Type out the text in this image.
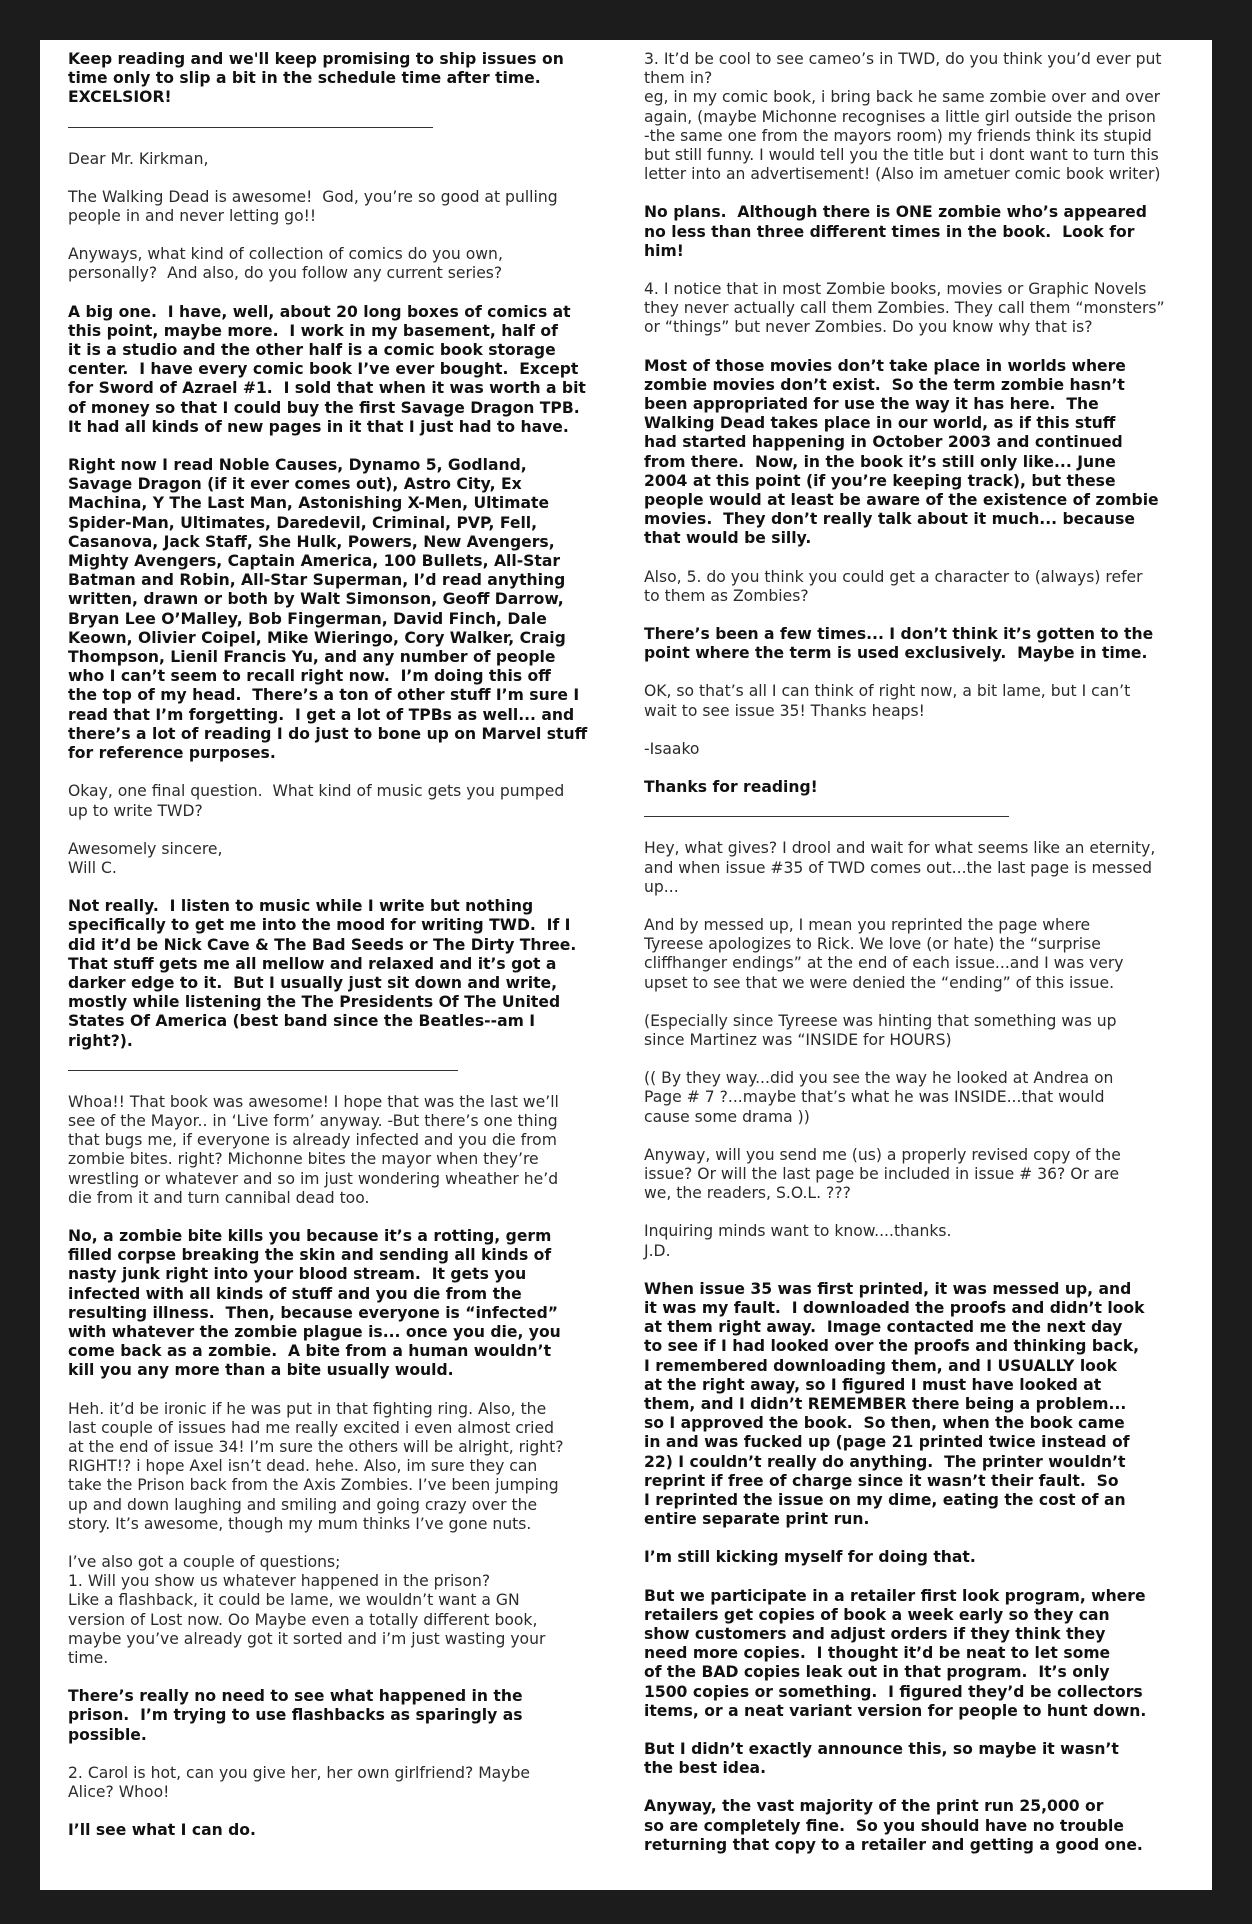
Keep reading and we'll keep promising to ship issues on
time only to slip a bit in the schedule time after time.
EXCELSIOR!

Dear Mr. Kirkman,

The Walking Dead is awesome!  God, you’re so good at pulling
people in and never letting go!!

Anyways, what kind of collection of comics do you own,
personally?  And also, do you follow any current series?

A big one.  I have, well, about 20 long boxes of comics at
this point, maybe more.  I work in my basement, half of
it is a studio and the other half is a comic book storage
center.  I have every comic book I’ve ever bought.  Except
for Sword of Azrael #1.  I sold that when it was worth a bit
of money so that I could buy the first Savage Dragon TPB.
It had all kinds of new pages in it that I just had to have.

Right now I read Noble Causes, Dynamo 5, Godland,
Savage Dragon (if it ever comes out), Astro City, Ex
Machina, Y The Last Man, Astonishing X-Men, Ultimate
Spider-Man, Ultimates, Daredevil, Criminal, PVP, Fell,
Casanova, Jack Staff, She Hulk, Powers, New Avengers,
Mighty Avengers, Captain America, 100 Bullets, All-Star
Batman and Robin, All-Star Superman, I’d read anything
written, drawn or both by Walt Simonson, Geoff Darrow,
Bryan Lee O’Malley, Bob Fingerman, David Finch, Dale
Keown, Olivier Coipel, Mike Wieringo, Cory Walker, Craig
Thompson, Lienil Francis Yu, and any number of people
who I can’t seem to recall right now.  I’m doing this off
the top of my head.  There’s a ton of other stuff I’m sure I
read that I’m forgetting.  I get a lot of TPBs as well... and
there’s a lot of reading I do just to bone up on Marvel stuff
for reference purposes.

Okay, one final question.  What kind of music gets you pumped
up to write TWD?

Awesomely sincere,
Will C.

Not really.  I listen to music while I write but nothing
specifically to get me into the mood for writing TWD.  If I
did it’d be Nick Cave & The Bad Seeds or The Dirty Three.
That stuff gets me all mellow and relaxed and it’s got a
darker edge to it.  But I usually just sit down and write,
mostly while listening the The Presidents Of The United
States Of America (best band since the Beatles--am I
right?).

Whoa!! That book was awesome! I hope that was the last we’ll
see of the Mayor.. in ‘Live form’ anyway. -But there’s one thing
that bugs me, if everyone is already infected and you die from
zombie bites. right? Michonne bites the mayor when they’re
wrestling or whatever and so im just wondering wheather he’d
die from it and turn cannibal dead too.

No, a zombie bite kills you because it’s a rotting, germ
filled corpse breaking the skin and sending all kinds of
nasty junk right into your blood stream.  It gets you
infected with all kinds of stuff and you die from the
resulting illness.  Then, because everyone is “infected”
with whatever the zombie plague is... once you die, you
come back as a zombie.  A bite from a human wouldn’t
kill you any more than a bite usually would.

Heh. it’d be ironic if he was put in that fighting ring. Also, the
last couple of issues had me really excited i even almost cried
at the end of issue 34! I’m sure the others will be alright, right?
RIGHT!? i hope Axel isn’t dead. hehe. Also, im sure they can
take the Prison back from the Axis Zombies. I’ve been jumping
up and down laughing and smiling and going crazy over the
story. It’s awesome, though my mum thinks I’ve gone nuts.

I’ve also got a couple of questions;
1. Will you show us whatever happened in the prison?
Like a flashback, it could be lame, we wouldn’t want a GN
version of Lost now. Oo Maybe even a totally different book,
maybe you’ve already got it sorted and i’m just wasting your
time.

There’s really no need to see what happened in the
prison.  I’m trying to use flashbacks as sparingly as
possible.

2. Carol is hot, can you give her, her own girlfriend? Maybe
Alice? Whoo!

I’ll see what I can do.

3. It’d be cool to see cameo’s in TWD, do you think you’d ever put
them in?
eg, in my comic book, i bring back he same zombie over and over
again, (maybe Michonne recognises a little girl outside the prison
-the same one from the mayors room) my friends think its stupid
but still funny. I would tell you the title but i dont want to turn this
letter into an advertisement! (Also im ametuer comic book writer)

No plans.  Although there is ONE zombie who’s appeared
no less than three different times in the book.  Look for
him!

4. I notice that in most Zombie books, movies or Graphic Novels
they never actually call them Zombies. They call them “monsters”
or “things” but never Zombies. Do you know why that is?

Most of those movies don’t take place in worlds where
zombie movies don’t exist.  So the term zombie hasn’t
been appropriated for use the way it has here.  The
Walking Dead takes place in our world, as if this stuff
had started happening in October 2003 and continued
from there.  Now, in the book it’s still only like... June
2004 at this point (if you’re keeping track), but these
people would at least be aware of the existence of zombie
movies.  They don’t really talk about it much... because
that would be silly.

Also, 5. do you think you could get a character to (always) refer
to them as Zombies?

There’s been a few times... I don’t think it’s gotten to the
point where the term is used exclusively.  Maybe in time.

OK, so that’s all I can think of right now, a bit lame, but I can’t
wait to see issue 35! Thanks heaps!

-Isaako

Thanks for reading!

Hey, what gives? I drool and wait for what seems like an eternity,
and when issue #35 of TWD comes out...the last page is messed
up...

And by messed up, I mean you reprinted the page where
Tyreese apologizes to Rick. We love (or hate) the “surprise
cliffhanger endings” at the end of each issue...and I was very
upset to see that we were denied the “ending” of this issue.

(Especially since Tyreese was hinting that something was up
since Martinez was “INSIDE for HOURS)

(( By they way...did you see the way he looked at Andrea on
Page # 7 ?...maybe that’s what he was INSIDE...that would
cause some drama ))

Anyway, will you send me (us) a properly revised copy of the
issue? Or will the last page be included in issue # 36? Or are
we, the readers, S.O.L. ???

Inquiring minds want to know....thanks.
J.D.

When issue 35 was first printed, it was messed up, and
it was my fault.  I downloaded the proofs and didn’t look
at them right away.  Image contacted me the next day
to see if I had looked over the proofs and thinking back,
I remembered downloading them, and I USUALLY look
at the right away, so I figured I must have looked at
them, and I didn’t REMEMBER there being a problem...
so I approved the book.  So then, when the book came
in and was fucked up (page 21 printed twice instead of
22) I couldn’t really do anything.  The printer wouldn’t
reprint if free of charge since it wasn’t their fault.  So
I reprinted the issue on my dime, eating the cost of an
entire separate print run.

I’m still kicking myself for doing that.

But we participate in a retailer first look program, where
retailers get copies of book a week early so they can
show customers and adjust orders if they think they
need more copies.  I thought it’d be neat to let some
of the BAD copies leak out in that program.  It’s only
1500 copies or something.  I figured they’d be collectors
items, or a neat variant version for people to hunt down.

But I didn’t exactly announce this, so maybe it wasn’t
the best idea.

Anyway, the vast majority of the print run 25,000 or
so are completely fine.  So you should have no trouble
returning that copy to a retailer and getting a good one.
